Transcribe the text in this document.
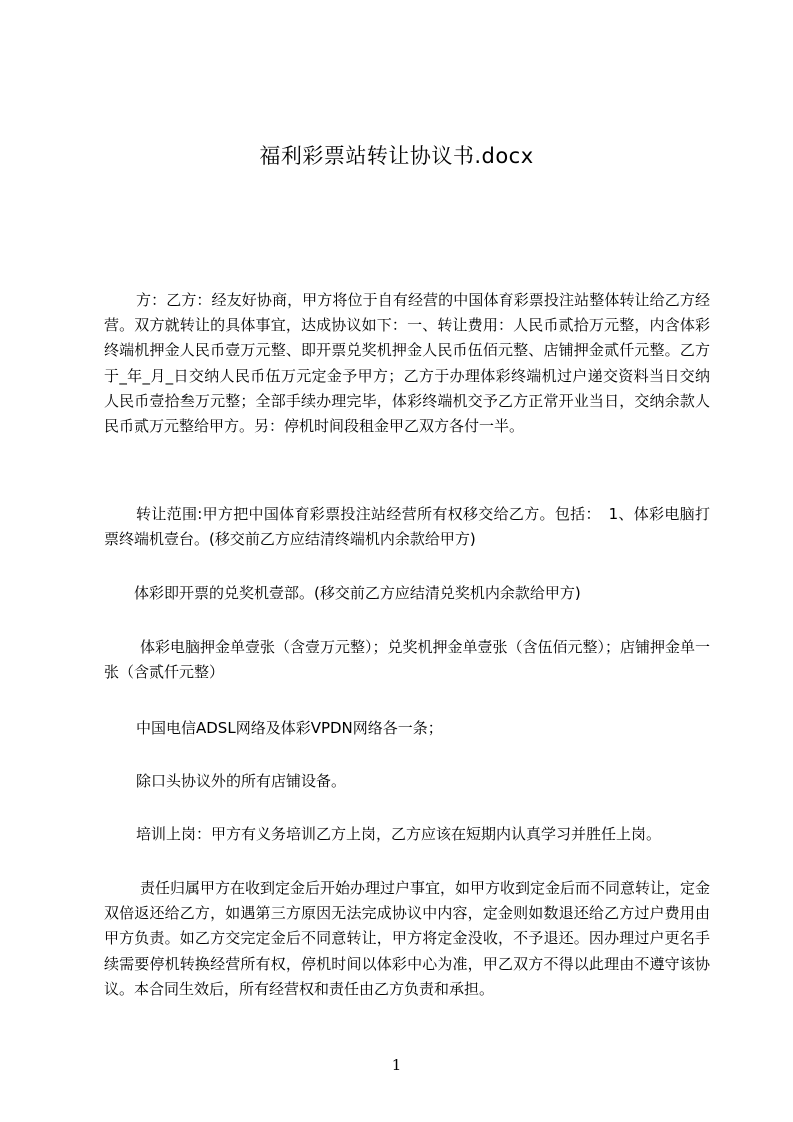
福利彩票站转让协议书.docx

方：乙方：经友好协商，甲方将位于自有经营的中国体育彩票投注站整体转让给乙方经营。双方就转让的具体事宜，达成协议如下：一、转让费用：人民币贰拾万元整，内含体彩终端机押金人民币壹万元整、即开票兑奖机押金人民币伍佰元整、店铺押金贰仟元整。乙方于_年_月_日交纳人民币伍万元定金予甲方；乙方于办理体彩终端机过户递交资料当日交纳人民币壹拾叁万元整；全部手续办理完毕，体彩终端机交予乙方正常开业当日，交纳余款人民币贰万元整给甲方。另：停机时间段租金甲乙双方各付一半。

转让范围:甲方把中国体育彩票投注站经营所有权移交给乙方。包括：　1、体彩电脑打票终端机壹台。(移交前乙方应结清终端机内余款给甲方)

体彩即开票的兑奖机壹部。(移交前乙方应结清兑奖机内余款给甲方)

体彩电脑押金单壹张（含壹万元整）；兑奖机押金单壹张（含伍佰元整）；店铺押金单一张（含贰仟元整）

中国电信ADSL网络及体彩VPDN网络各一条；

除口头协议外的所有店铺设备。

培训上岗：甲方有义务培训乙方上岗，乙方应该在短期内认真学习并胜任上岗。

责任归属甲方在收到定金后开始办理过户事宜，如甲方收到定金后而不同意转让，定金双倍返还给乙方，如遇第三方原因无法完成协议中内容，定金则如数退还给乙方过户费用由甲方负责。如乙方交完定金后不同意转让，甲方将定金没收，不予退还。因办理过户更名手续需要停机转换经营所有权，停机时间以体彩中心为准，甲乙双方不得以此理由不遵守该协议。本合同生效后，所有经营权和责任由乙方负责和承担。

1
